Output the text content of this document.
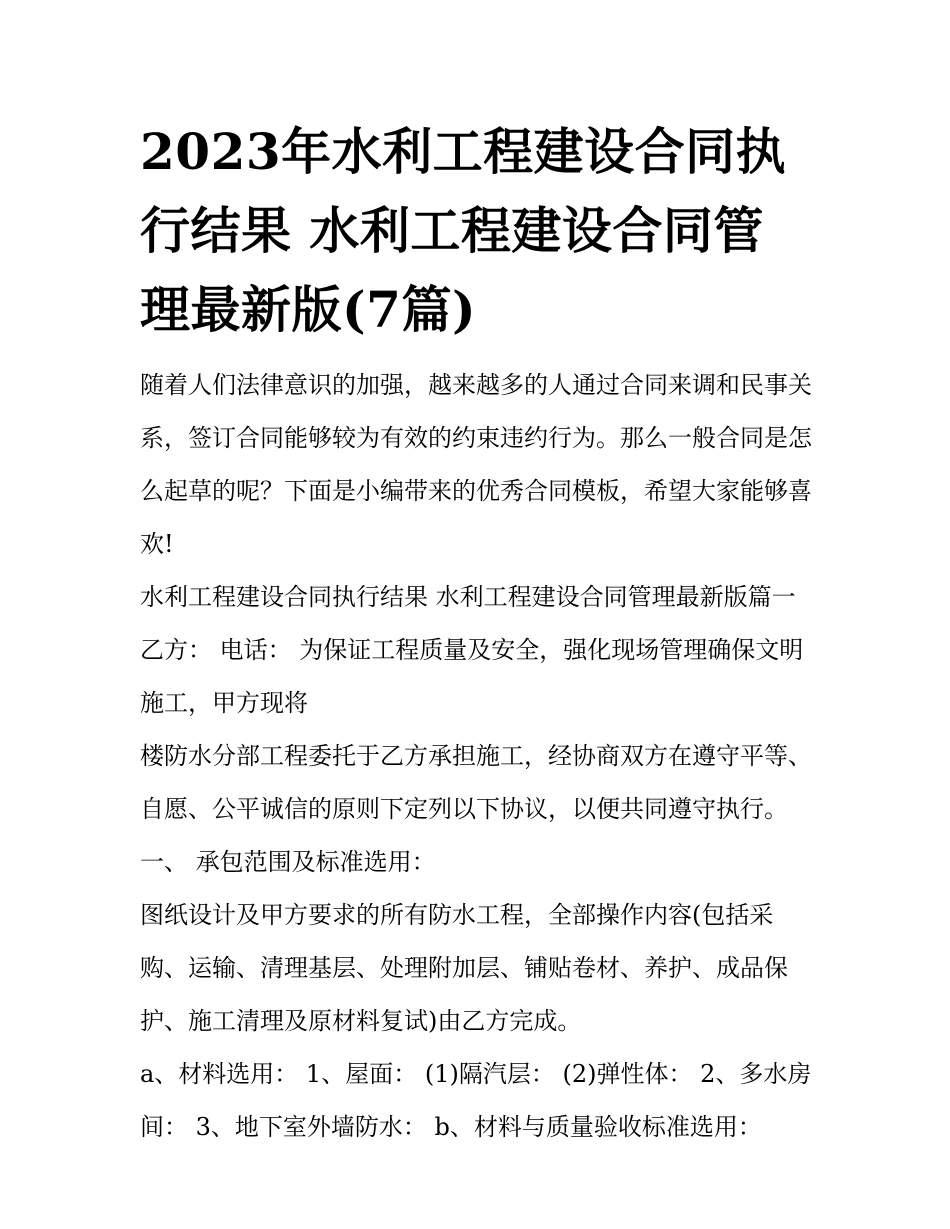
2023年水利工程建设合同执行结果 水利工程建设合同管理最新版(7篇)

随着人们法律意识的加强，越来越多的人通过合同来调和民事关系，签订合同能够较为有效的约束违约行为。那么一般合同是怎么起草的呢？下面是小编带来的优秀合同模板，希望大家能够喜欢!

水利工程建设合同执行结果 水利工程建设合同管理最新版篇一 乙方： 电话： 为保证工程质量及安全，强化现场管理确保文明施工，甲方现将

楼防水分部工程委托于乙方承担施工，经协商双方在遵守平等、自愿、公平诚信的原则下定列以下协议，以便共同遵守执行。 一、 承包范围及标准选用：

图纸设计及甲方要求的所有防水工程，全部操作内容(包括采购、运输、清理基层、处理附加层、铺贴卷材、养护、成品保护、施工清理及原材料复试)由乙方完成。

a、材料选用： 1、屋面： (1)隔汽层： (2)弹性体： 2、多水房间： 3、地下室外墙防水： b、材料与质量验收标准选用：
